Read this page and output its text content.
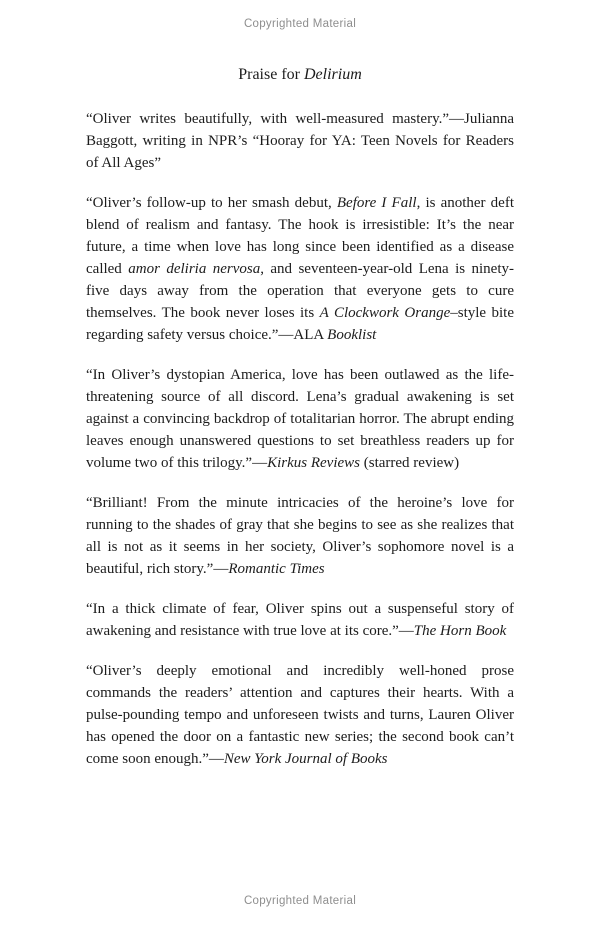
Copyrighted Material
Praise for Delirium

“Oliver writes beautifully, with well-measured mastery.”—Julianna Baggott, writing in NPR’s “Hooray for YA: Teen Novels for Readers of All Ages”

“Oliver’s follow-up to her smash debut, Before I Fall, is another deft blend of realism and fantasy. The hook is irresistible: It’s the near future, a time when love has long since been identified as a disease called amor deliria nervosa, and seventeen-year-old Lena is ninety-five days away from the operation that everyone gets to cure themselves. The book never loses its A Clockwork Orange–style bite regarding safety versus choice.”—ALA Booklist

“In Oliver’s dystopian America, love has been outlawed as the life-threatening source of all discord. Lena’s gradual awakening is set against a convincing backdrop of totalitarian horror. The abrupt ending leaves enough unanswered questions to set breathless readers up for volume two of this trilogy.”—Kirkus Reviews (starred review)

“Brilliant! From the minute intricacies of the heroine’s love for running to the shades of gray that she begins to see as she realizes that all is not as it seems in her society, Oliver’s sophomore novel is a beautiful, rich story.”—Romantic Times

“In a thick climate of fear, Oliver spins out a suspenseful story of awakening and resistance with true love at its core.”—The Horn Book

“Oliver’s deeply emotional and incredibly well-honed prose commands the readers’ attention and captures their hearts. With a pulse-pounding tempo and unforeseen twists and turns, Lauren Oliver has opened the door on a fantastic new series; the second book can’t come soon enough.”—New York Journal of Books

Copyrighted Material
